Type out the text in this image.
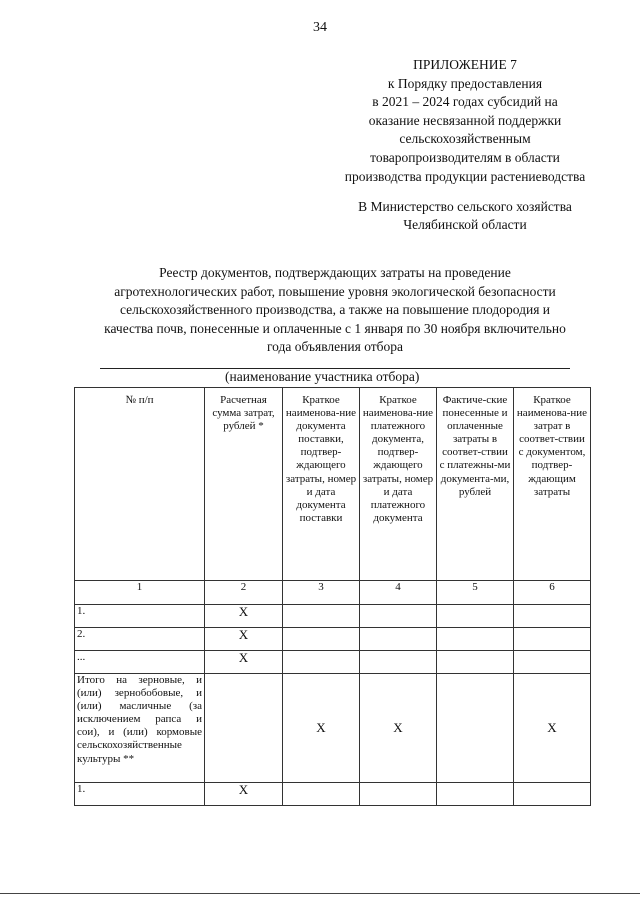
34
ПРИЛОЖЕНИЕ 7
к Порядку предоставления
в 2021 – 2024 годах субсидий на
оказание несвязанной поддержки
сельскохозяйственным
товаропроизводителям в области
производства продукции растениеводства
В Министерство сельского хозяйства
Челябинской области
Реестр документов, подтверждающих затраты на проведение
агротехнологических работ, повышение уровня экологической безопасности
сельскохозяйственного производства, а также на повышение плодородия и
качества почв, понесенные и оплаченные с 1 января по 30 ноября включительно
года объявления отбора
(наименование участника отбора)
№ п/п	Расчетная сумма затрат, рублей *	Краткое наименова-ние документа поставки, подтвер-ждающего затраты, номер и дата документа поставки	Краткое наименова-ние платежного документа, подтвер-ждающего затраты, номер и дата платежного документа	Фактиче-ские понесенные и оплаченные затраты в соответ-ствии с платежны-ми документа-ми, рублей	Краткое наименова-ние затрат в соответ-ствии с документом, подтвер-ждающим затраты
1	2	3	4	5	6
1.	X				
2.	X				
...	X				
Итого на зерновые, и (или) зернобобовые, и (или) масличные (за исключением рапса и сои), и (или) кормовые сельскохозяйственные культуры **		X	X		X
1.	X				
